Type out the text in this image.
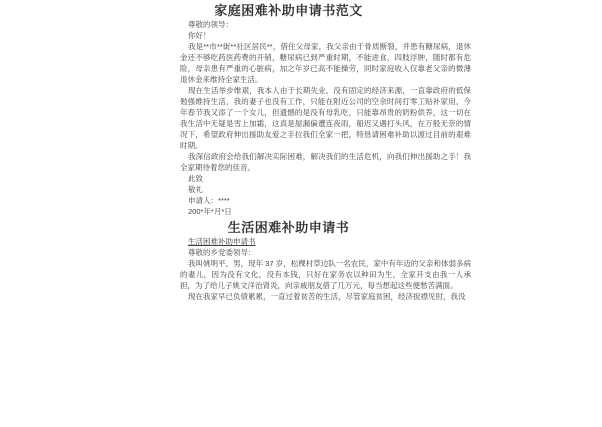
家庭困难补助申请书范文
尊敬的领导：
你好！
我是**市**街**社区居民**，借住父母家，我父亲由于骨质断裂，并患有糖尿病，退休金还不够吃药医药费的开销，糖尿病已到严重时期，不能进食，四肢浮肿，随时都有危险，母亲患有严重的心脏病，加之年岁已高不能操劳，同时家庭收入仅靠老父亲的微薄退休金来维持全家生活。
现在生活举步维艰，我本人由于长期失业，没有固定的经济来源，一直靠政府的低保勉强维持生活，我的妻子也没有工作，只能在附近公司的空余时间打零工贴补家用，今年春节我又添了一个女儿，但遗憾的是没有母乳吃，只能靠昂贵的奶粉供养，这一切在我生活中无疑是雪上加霜，这真是屋漏偏遭连夜雨，船迟又遇打头风，在万般无奈的情况下，希望政府伸出援助友爱之手拉我们全家一把，特恳请困难补助以渡过目前的艰难时期。
我深信政府会给我们解决实际困难，解决我们的生活危机，向我们伸出援助之手！我全家期待着您的佳音。
此致
敬礼
申请人：****
200*年*月*日
生活困难补助申请书
生活困难补助申请书
尊敬的乡党委领导：
我叫姚明平，男，现年 37 岁，松棵村草边队一名农民，家中有年迈的父亲和体弱多病的妻儿，因为没有文化，没有本钱，只好在家务农以种田为生，全家开支由我一人承担，为了给儿子姚文洋治肾炎，向亲戚朋友借了几万元，每当想起这些便愁苦满面。
现在我家早已负债累累，一直过着贫苦的生活，尽管家庭贫困，经济捉襟见肘，我没
